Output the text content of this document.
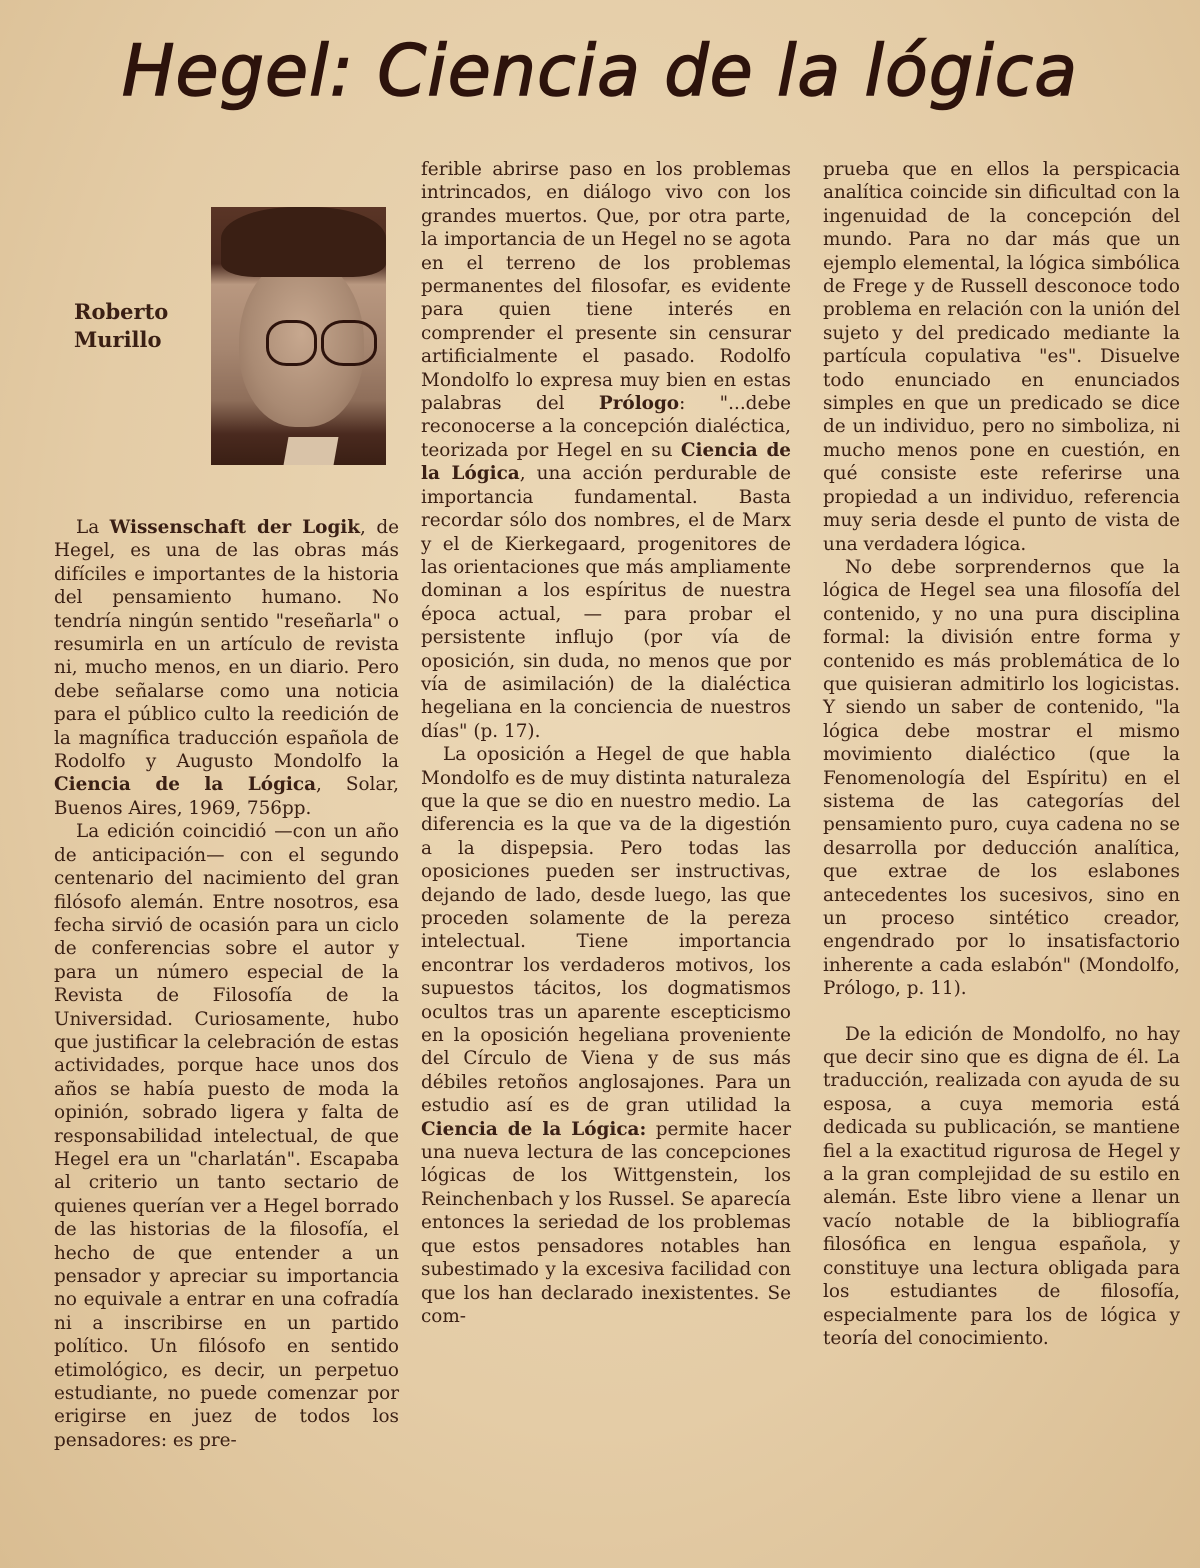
Hegel: Ciencia de la lógica
Roberto
Murillo

La Wissenschaft der Logik, de Hegel, es una de las obras más difíciles e importantes de la historia del pensamiento humano. No tendría ningún sentido "reseñarla" o resumirla en un artículo de revista ni, mucho menos, en un diario. Pero debe señalarse como una noticia para el público culto la reedición de la magnífica traducción española de Rodolfo y Augusto Mondolfo la Ciencia de la Lógica, Solar, Buenos Aires, 1969, 756pp.

La edición coincidió —con un año de anticipación— con el segundo centenario del nacimiento del gran filósofo alemán. Entre nosotros, esa fecha sirvió de ocasión para un ciclo de conferencias sobre el autor y para un número especial de la Revista de Filosofía de la Universidad. Curiosamente, hubo que justificar la celebración de estas actividades, porque hace unos dos años se había puesto de moda la opinión, sobrado ligera y falta de responsabilidad intelectual, de que Hegel era un "charlatán". Escapaba al criterio un tanto sectario de quienes querían ver a Hegel borrado de las historias de la filosofía, el hecho de que entender a un pensador y apreciar su importancia no equivale a entrar en una cofradía ni a inscribirse en un partido político. Un filósofo en sentido etimológico, es decir, un perpetuo estudiante, no puede comenzar por erigirse en juez de todos los pensadores: es pre-

ferible abrirse paso en los problemas intrincados, en diálogo vivo con los grandes muertos. Que, por otra parte, la importancia de un Hegel no se agota en el terreno de los problemas permanentes del filosofar, es evidente para quien tiene interés en comprender el presente sin censurar artificialmente el pasado. Rodolfo Mondolfo lo expresa muy bien en estas palabras del Prólogo: "...debe reconocerse a la concepción dialéctica, teorizada por Hegel en su Ciencia de la Lógica, una acción perdurable de importancia fundamental. Basta recordar sólo dos nombres, el de Marx y el de Kierkegaard, progenitores de las orientaciones que más ampliamente dominan a los espíritus de nuestra época actual, — para probar el persistente influjo (por vía de oposición, sin duda, no menos que por vía de asimilación) de la dialéctica hegeliana en la conciencia de nuestros días" (p. 17).

La oposición a Hegel de que habla Mondolfo es de muy distinta naturaleza que la que se dio en nuestro medio. La diferencia es la que va de la digestión a la dispepsia. Pero todas las oposiciones pueden ser instructivas, dejando de lado, desde luego, las que proceden solamente de la pereza intelectual. Tiene importancia encontrar los verdaderos motivos, los supuestos tácitos, los dogmatismos ocultos tras un aparente escepticismo en la oposición hegeliana proveniente del Círculo de Viena y de sus más débiles retoños anglosajones. Para un estudio así es de gran utilidad la Ciencia de la Lógica: permite hacer una nueva lectura de las concepciones lógicas de los Wittgenstein, los Reinchenbach y los Russel. Se aparecía entonces la seriedad de los problemas que estos pensadores notables han subestimado y la excesiva facilidad con que los han declarado inexistentes. Se com-

prueba que en ellos la perspicacia analítica coincide sin dificultad con la ingenuidad de la concepción del mundo. Para no dar más que un ejemplo elemental, la lógica simbólica de Frege y de Russell desconoce todo problema en relación con la unión del sujeto y del predicado mediante la partícula copulativa "es". Disuelve todo enunciado en enunciados simples en que un predicado se dice de un individuo, pero no simboliza, ni mucho menos pone en cuestión, en qué consiste este referirse una propiedad a un individuo, referencia muy seria desde el punto de vista de una verdadera lógica.

No debe sorprendernos que la lógica de Hegel sea una filosofía del contenido, y no una pura disciplina formal: la división entre forma y contenido es más problemática de lo que quisieran admitirlo los logicistas. Y siendo un saber de contenido, "la lógica debe mostrar el mismo movimiento dialéctico (que la Fenomenología del Espíritu) en el sistema de las categorías del pensamiento puro, cuya cadena no se desarrolla por deducción analítica, que extrae de los eslabones antecedentes los sucesivos, sino en un proceso sintético creador, engendrado por lo insatisfactorio inherente a cada eslabón" (Mondolfo, Prólogo, p. 11).

De la edición de Mondolfo, no hay que decir sino que es digna de él. La traducción, realizada con ayuda de su esposa, a cuya memoria está dedicada su publicación, se mantiene fiel a la exactitud rigurosa de Hegel y a la gran complejidad de su estilo en alemán. Este libro viene a llenar un vacío notable de la bibliografía filosófica en lengua española, y constituye una lectura obligada para los estudiantes de filosofía, especialmente para los de lógica y teoría del conocimiento.
